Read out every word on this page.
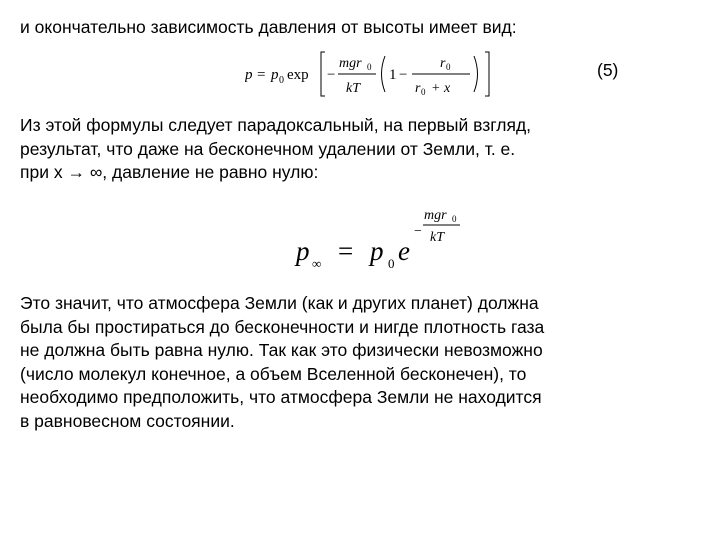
и окончательно зависимость давления от высоты имеет вид:
p = p 0 exp −
mgr 0
kT
1 −
r 0
r 0 + x
(5)
Из этой формулы следует парадоксальный, на первый взгляд,
результат, что даже на бесконечном удалении от Земли, т. е.
при х → ∞, давление не равно нулю:
p ∞ = p 0 e
−
mgr 0
kT
Это значит, что атмосфера Земли (как и других планет) должна
была бы простираться до бесконечности и нигде плотность газа
не должна быть равна нулю. Так как это физически невозможно
(число молекул конечное, а объем Вселенной бесконечен), то
необходимо предположить, что атмосфера Земли не находится
в равновесном состоянии.
